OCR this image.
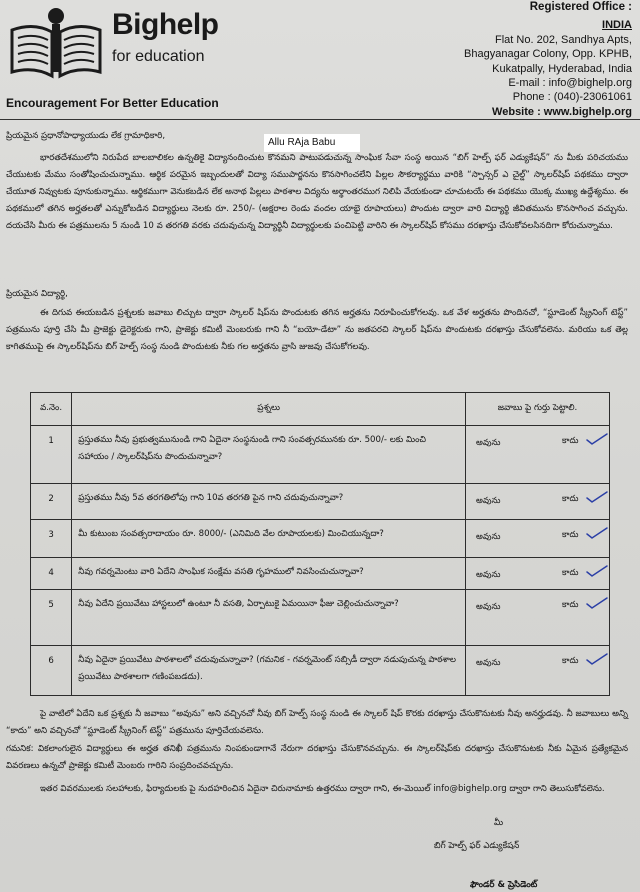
Bighelp
for education
Encouragement For Better Education
Registered Office :
INDIA
Flat No. 202, Sandhya Apts,
Bhagyanagar Colony, Opp. KPHB,
Kukatpally, Hyderabad, India
E-mail : info@bighelp.org
Phone : (040)-23061061
Website : www.bighelp.org
ప్రియమైన ప్రధానోపాధ్యాయుడు లేక గ్రామాధికారి,
Allu RAja Babu
భారతదేశములోని నిరుపేద బాలబాలికల ఉన్నతికై విద్యానందించుట కొనమని పాటుపడుచున్న సాంఘిక సేవా సంస్థ అయిన “బిగ్ హెల్ప్ ఫర్ ఎడ్యుకేషన్” ను మీకు పరిచయము చేయుటకు మేము సంతోషించుచున్నాము. ఆర్థిక పరమైన ఇబ్బందులతో విద్యా సముపార్జనను కొనసాగించలేని పిల్లల సౌకర్యార్థము వారికి “స్పాన్సర్ ఎ చైల్డ్” స్కాలర్‌షిప్ పథకము ద్వారా చేయూత నివ్వుటకు పూనుకున్నాము. ఆర్థికముగా వెనుకబడిన లేక అనాథ పిల్లలు పాఠశాల విద్యను అర్థాంతరముగ నిలిపి వేయకుండా చూచుటయే ఈ పథకము యొక్క ముఖ్య ఉద్దేశ్యము. ఈ పథకములో తగిన అర్హతలతో ఎన్నుకోబడిన విద్యార్థులు నెలకు రూ. 250/- (అక్షరాల రెండు వందల యాభై రూపాయలు) పొందుట ద్వారా వారి విద్యార్థి జీవితమును కొనసాగించ వచ్చును. దయచేసి మీరు ఈ పత్రములను 5 నుండి 10 వ తరగతి వరకు చదువుచున్న విద్యార్థినీ విద్యార్థులకు పంచిపెట్టి వారిని ఈ స్కాలర్‌షిప్ కోసము దరఖాస్తు చేసుకోవలసినదిగా కోరుచున్నాము.
ప్రియమైన విద్యార్థి,
ఈ దిగువ ఈయబడిన ప్రశ్నలకు జవాబు లిచ్చుట ద్వారా స్కాలర్ షిప్‌ను పొందుటకు తగిన అర్హతను నిరూపించుకోగలవు. ఒక వేళ అర్హతను పొందినచో, “స్టూడెంట్ స్క్రీనింగ్ టెస్ట్” పత్రమును పూర్తి చేసి మీ ప్రాజెక్టు డైరెక్టరుకు గాని, ప్రాజెక్టు కమిటీ మెంబరుకు గాని నీ “బయో-డేటా” ను జతపరచి స్కాలర్ షిప్‌ను పొందుటకు దరఖాస్తు చేసుకోవలెను. మరియు ఒక తెల్ల కాగితముపై ఈ స్కాలర్‌షిప్‌ను బిగ్ హెల్ప్ సంస్థ నుండి పొందుటకు నీకు గల అర్హతను వ్రాసి జుజవు చేసుకోగలవు.
వ.నెం.	ప్రశ్నలు	జవాబు పై గుర్తు పెట్టాలి.
1	ప్రస్తుతము నీవు ప్రభుత్వమునుండి గాని ఏదైనా సంస్థనుండి గాని సంవత్సరమునకు రూ. 500/- లకు మించి సహాయం / స్కాలర్‌షిప్‌ను పొందుచున్నావా?	అవును కాదు

2	ప్రస్తుతము నీవు 5వ తరగతిలోపు గాని 10వ తరగతి పైన గాని చదువుచున్నావా?	అవును కాదు

3	మీ కుటుంబ సంవత్సరాదాయం రూ. 8000/- (ఎనిమిది వేల రూపాయలకు) మించియున్నదా?	అవును కాదు

4	నీవు గవర్నమెంటు వారి ఏదేని సాంఘిక సంక్షేమ వసతి గృహములో నివసించుచున్నావా?	అవును కాదు

5	నీవు ఏదేని ప్రయివేటు హాస్టలులో ఉంటూ నీ వసతి, ఏర్పాటుకై ఏమయినా ఫీజు చెల్లించుచున్నావా?	అవును కాదు

6	నీవు ఏదైనా ప్రయివేటు పాఠశాలలో చదువుచున్నావా? (గమనిక - గవర్నమెంట్ సబ్సిడీ ద్వారా నడుపుచున్న పాఠశాల ప్రయివేటు పాఠశాలగా గణింపబడదు).	అవును కాదు
పై వాటిలో ఏదేని ఒక ప్రశ్నకు నీ జవాబు “అవును” అని వచ్చినచో నీవు బిగ్ హెల్ప్ సంస్థ నుండి ఈ స్కాలర్ షిప్ కొరకు దరఖాస్తు చేసుకొనుటకు నీవు అనర్హుడవు. నీ జవాబులు అన్ని “కాదు” అని వచ్చినచో “స్టూడెంట్ స్క్రీనింగ్ టెస్ట్” పత్రమును పూర్తిచేయవలెను.
గమనిక: వికలాంగులైన విద్యార్థులు ఈ అర్హత తనిఖీ పత్రమును నింపకుండాగానే నేరుగా దరఖాస్తు చేసుకొనవచ్చును. ఈ స్కాలర్‌షిప్‌కు దరఖాస్తు చేసుకొనుటకు నీకు ఏమైన ప్రత్యేకమైన వివరణలు ఉన్నచో ప్రాజెక్టు కమిటీ మెంబరు గారిని సంప్రదించవచ్చును.
ఇతర వివరములకు సలహాలకు, ఫిర్యాదులకు పై నుదహరించిన ఏదైనా చిరునామాకు ఉత్తరము ద్వారా గాని, ఈ-మెయిల్ info@bighelp.org ద్వారా గాని తెలుసుకోవలెను.
మీ
బిగ్ హెల్ప్ ఫర్ ఎడ్యుకేషన్
ఫౌండర్ & ప్రెసిడెంట్
